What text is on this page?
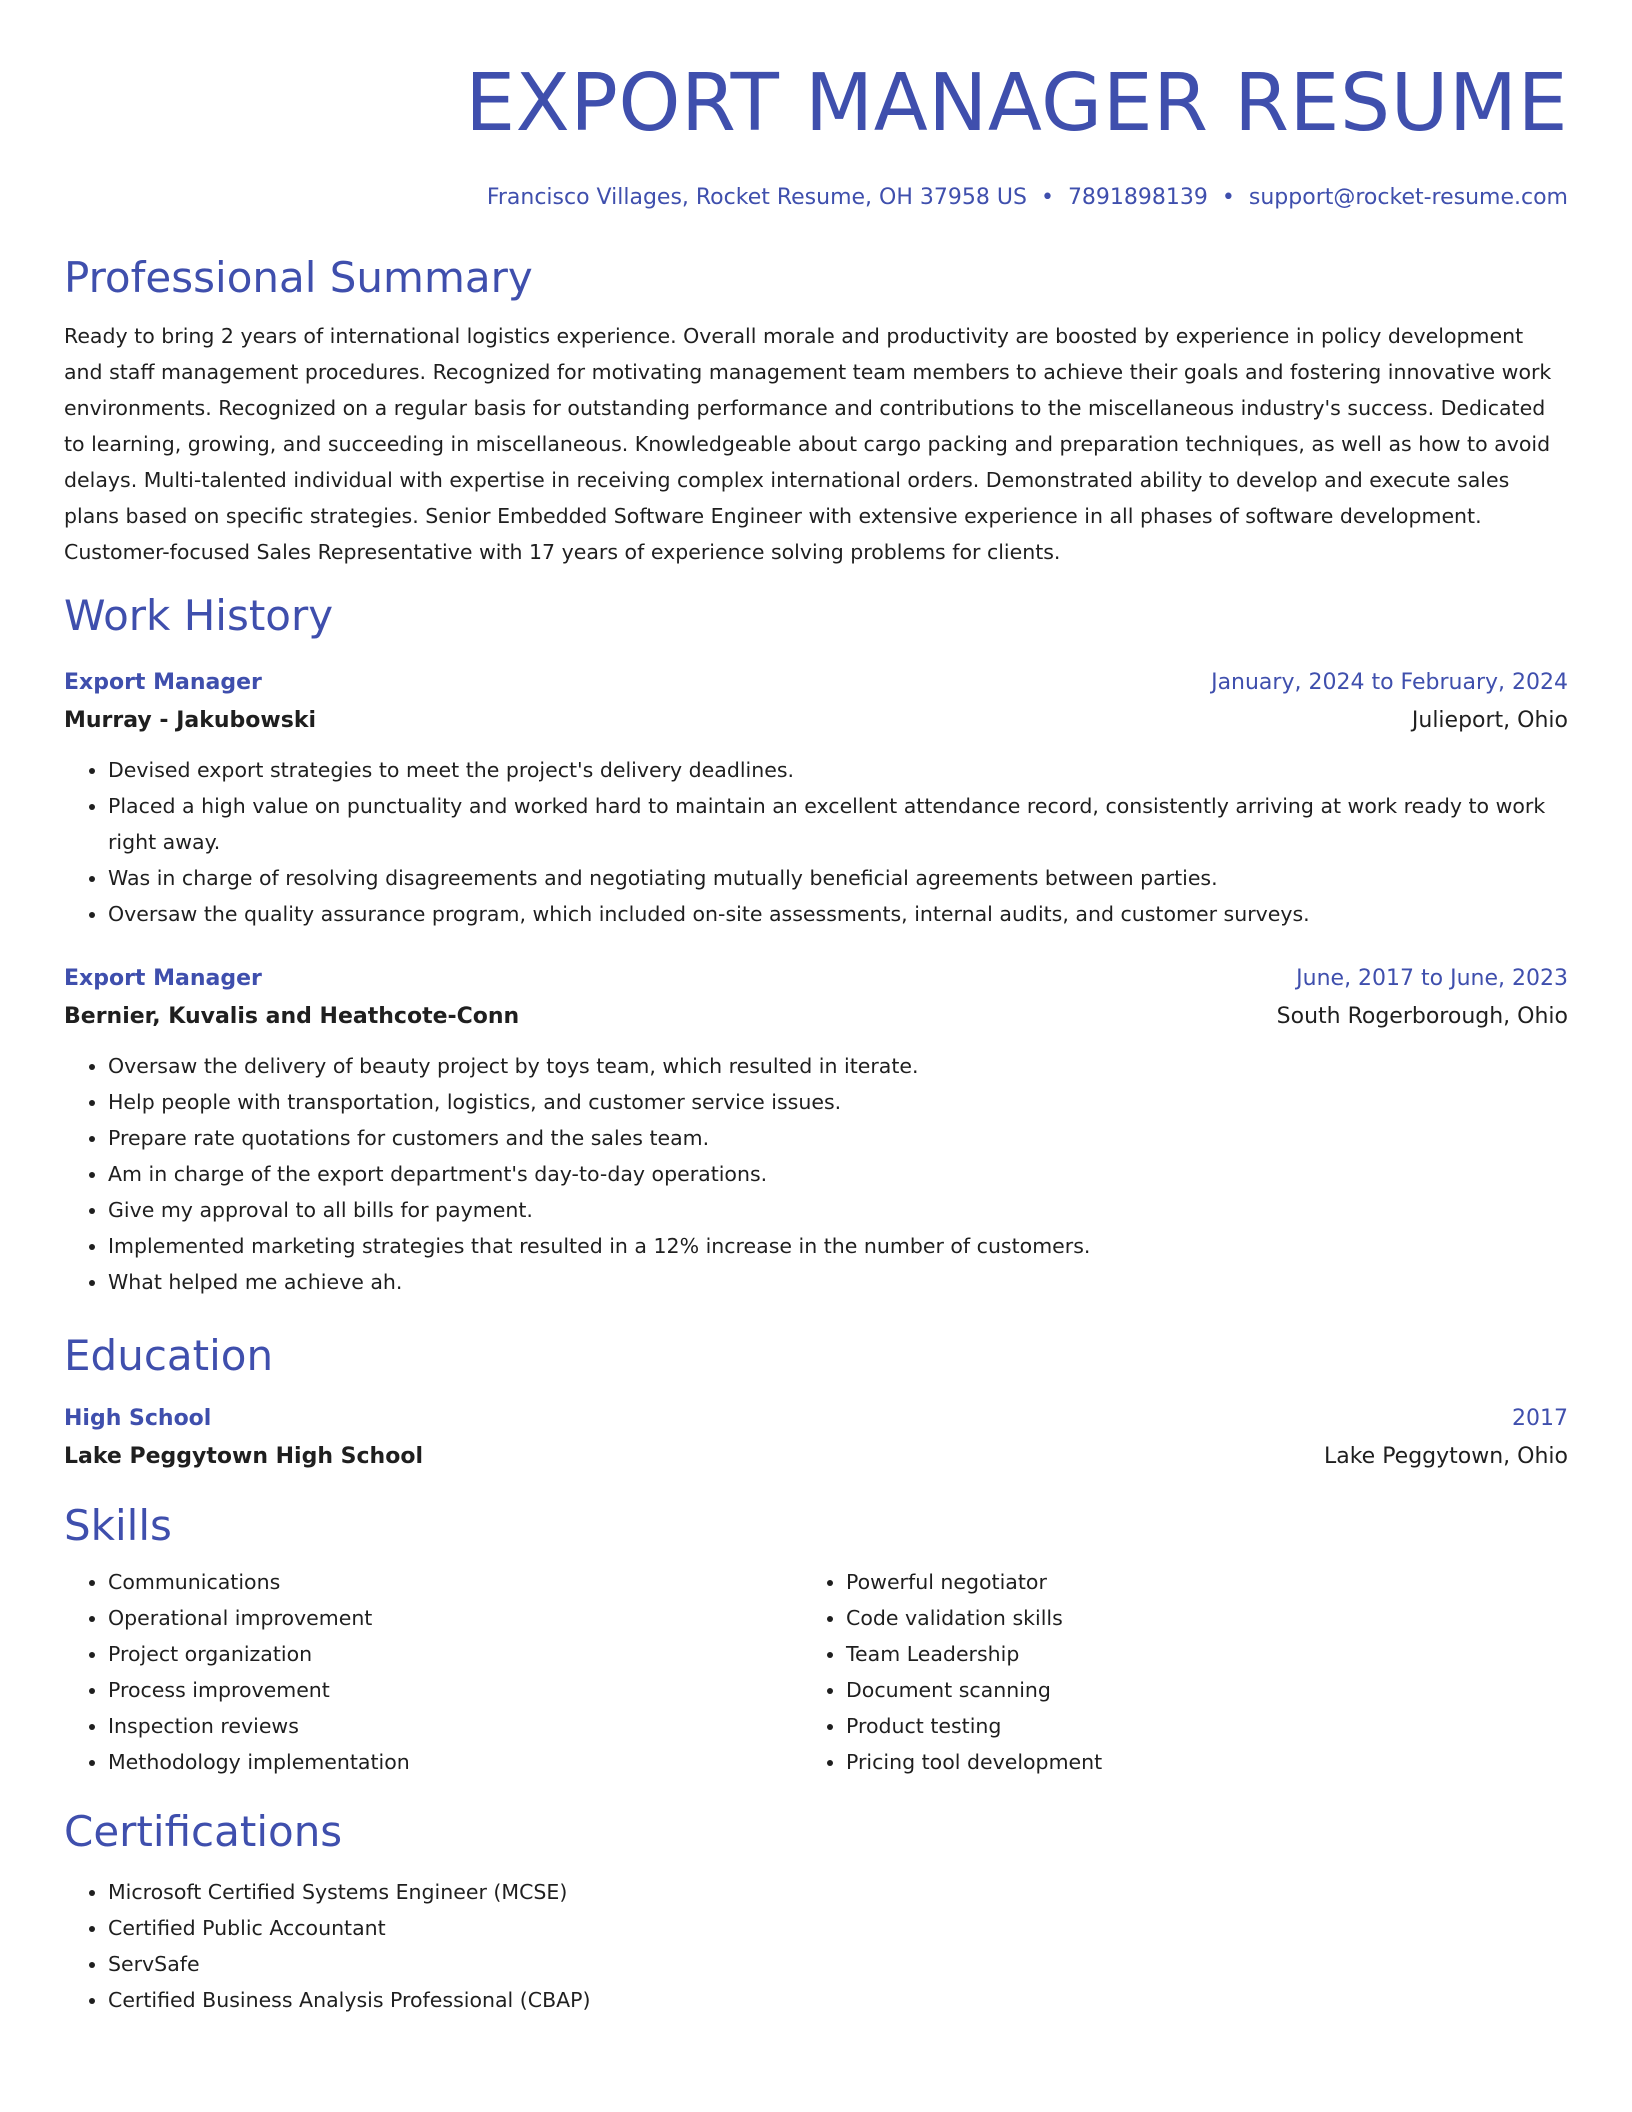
EXPORT MANAGER RESUME
Francisco Villages, Rocket Resume, OH 37958 US • 7891898139 • support@rocket-resume.com
Professional Summary

Ready to bring 2 years of international logistics experience. Overall morale and productivity are boosted by experience in policy development and staff management procedures. Recognized for motivating management team members to achieve their goals and fostering innovative work environments. Recognized on a regular basis for outstanding performance and contributions to the miscellaneous industry's success. Dedicated to learning, growing, and succeeding in miscellaneous. Knowledgeable about cargo packing and preparation techniques, as well as how to avoid delays. Multi-talented individual with expertise in receiving complex international orders. Demonstrated ability to develop and execute sales plans based on specific strategies. Senior Embedded Software Engineer with extensive experience in all phases of software development. Customer-focused Sales Representative with 17 years of experience solving problems for clients.

Work History
Export Manager	January, 2024 to February, 2024
Murray - Jakubowski	Julieport, Ohio
• Devised export strategies to meet the project's delivery deadlines.
• Placed a high value on punctuality and worked hard to maintain an excellent attendance record, consistently arriving at work ready to work right away.
• Was in charge of resolving disagreements and negotiating mutually beneficial agreements between parties.
• Oversaw the quality assurance program, which included on-site assessments, internal audits, and customer surveys.
Export Manager	June, 2017 to June, 2023
Bernier, Kuvalis and Heathcote-Conn	South Rogerborough, Ohio
• Oversaw the delivery of beauty project by toys team, which resulted in iterate.
• Help people with transportation, logistics, and customer service issues.
• Prepare rate quotations for customers and the sales team.
• Am in charge of the export department's day-to-day operations.
• Give my approval to all bills for payment.
• Implemented marketing strategies that resulted in a 12% increase in the number of customers.
• What helped me achieve ah.
Education
High School	2017
Lake Peggytown High School	Lake Peggytown, Ohio
Skills
• Communications
• Operational improvement
• Project organization
• Process improvement
• Inspection reviews
• Methodology implementation
• Powerful negotiator
• Code validation skills
• Team Leadership
• Document scanning
• Product testing
• Pricing tool development
Certifications
• Microsoft Certified Systems Engineer (MCSE)
• Certified Public Accountant
• ServSafe
• Certified Business Analysis Professional (CBAP)
